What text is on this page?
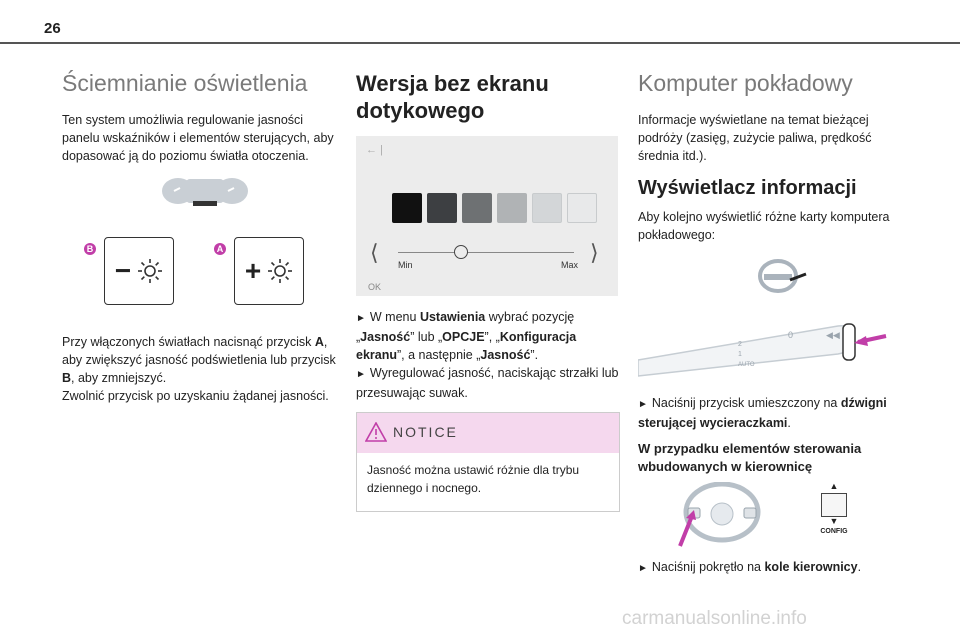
26
Ściemnianie oświetlenia

Ten system umożliwia regulowanie jasności panelu wskaźników i elementów sterujących, aby dopasować ją do poziomu światła otoczenia.

B
−
A
+

Przy włączonych światłach nacisnąć przycisk A, aby zwiększyć jasność podświetlenia lub przycisk B, aby zmniejszyć.
Zwolnić przycisk po uzyskaniu żądanej jasności.

Wersja bez ekranu dotykowego
← |
⟨	⟩
Min	Max
OK

► W menu Ustawienia wybrać pozycję „Jasność” lub „OPCJE”, „Konfiguracja ekranu”, a następnie „Jasność”.
► Wyregulować jasność, naciskając strzałki lub przesuwając suwak.

NOTICE

Jasność można ustawić różnie dla trybu dziennego i nocnego.

Komputer pokładowy

Informacje wyświetlane na temat bieżącej podróży (zasięg, zużycie paliwa, prędkość średnia itd.).

Wyświetlacz informacji

Aby kolejno wyświetlić różne karty komputera pokładowego:

2
1
AUTO
0	◀◀

► Naciśnij przycisk umieszczony na dźwigni sterującej wycieraczkami.

W przypadku elementów sterowania wbudowanych w kierownicę
▲
▼
CONFIG

► Naciśnij pokrętło na kole kierownicy.

carmanualsonline.info
